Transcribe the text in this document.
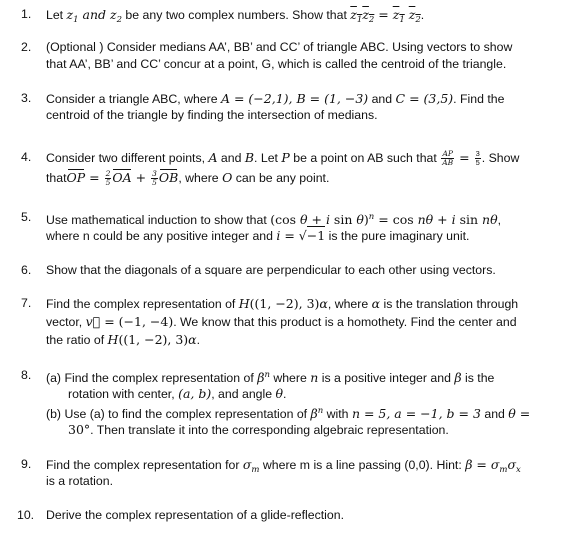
1. Let $z_1$ and $z_2$ be any two complex numbers. Show that $z_1z_2 = z_1$ $z_2$.
2. (Optional ) Consider medians AA’, BB’ and CC’ of triangle ABC. Using vectors to show
that AA’, BB’ and CC’ concur at a point, G, which is called the centroid of the triangle.
3. Consider a triangle ABC, where A = (−2,1), B = (1, −3) and C = (3,5). Find the
centroid of the triangle by finding the intersection of medians.
4. Consider two different points, A and B. Let P be a point on AB such that $\frac{AP}{AB} = \frac{3}{5}$ . Show
thatOP = $\frac{2}{5}$ OA + $\frac{3}{5}$ OB, where O can be any point.
5. Use mathematical induction to show that (cos θ + i sin θ)$^n$ = cos nθ + i sin nθ,
where n could be any positive integer and i = √−1 is the pure imaginary unit.
6. Show that the diagonals of a square are perpendicular to each other using vectors.
7. Find the complex representation of H((1, −2), 3)α, where α is the translation through
vector, v⃗ = (−1, −4). We know that this product is a homothety. Find the center and
the ratio of H((1, −2), 3)α.
8. (a) Find the complex representation of $\beta^n$ where n is a positive integer and β is the
rotation with center, (a, b), and angle θ.
(b) Use (a) to find the complex representation of $\beta^n$ with n = 5, a = −1, b = 3 and θ =
30°. Then translate it into the corresponding algebraic representation.
9. Find the complex representation for $\sigma_m$ where m is a line passing (0,0). Hint: $\beta = \sigma_m\sigma_x$
is a rotation.
10. Derive the complex representation of a glide-reflection.
